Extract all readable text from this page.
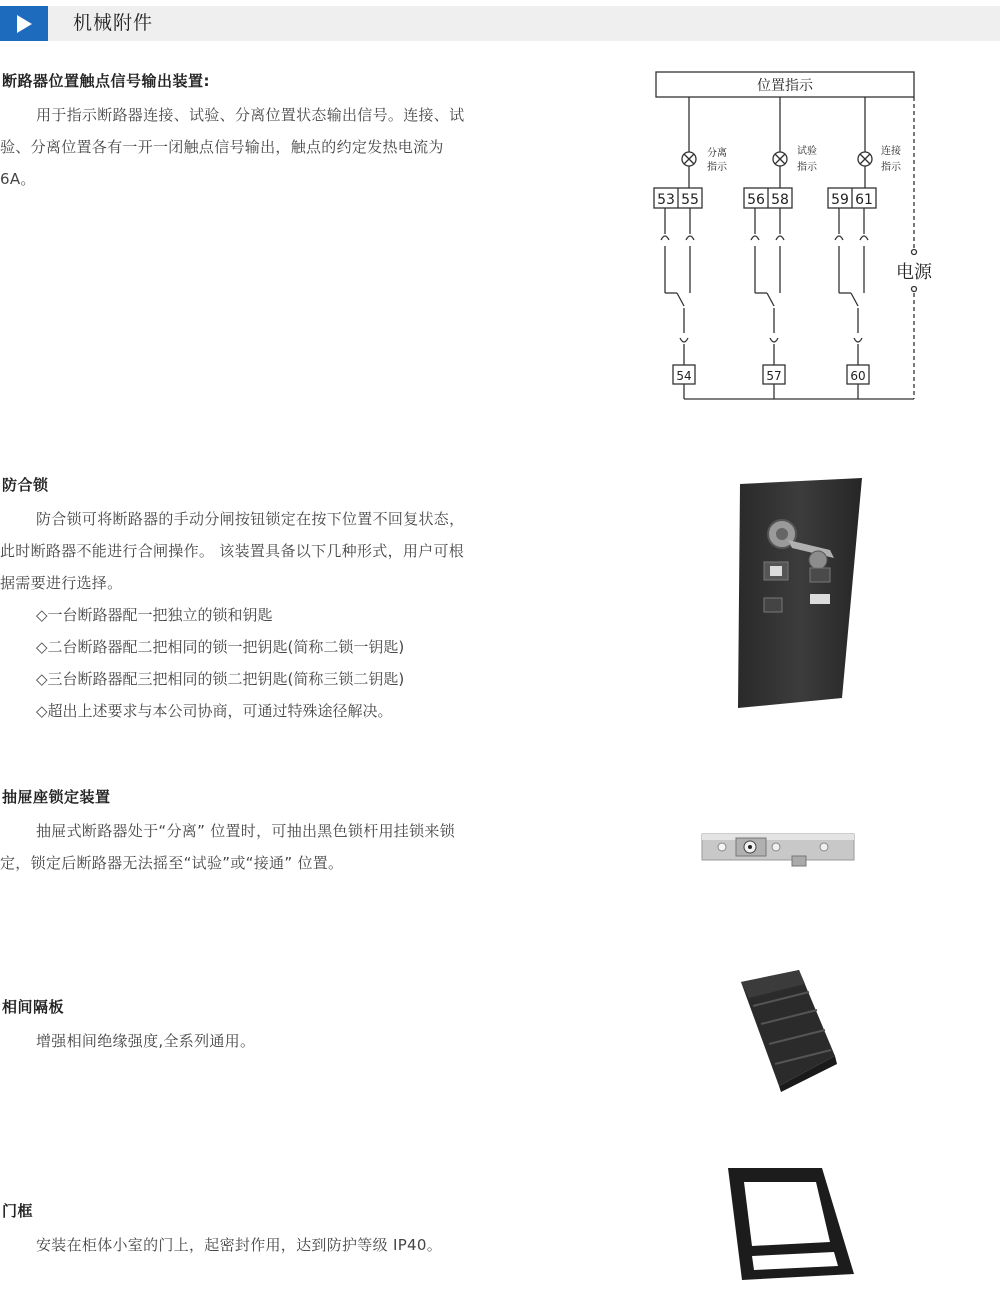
机械附件
断路器位置触点信号输出装置:

用于指示断路器连接、试验、分离位置状态输出信号。连接、试验、分离位置各有一开一闭触点信号输出，触点的约定发热电流为 6A。

位置指示
分离
指示
试验
指示
连接
指示
53 55	56 58	59 61
54	57	60
电源
防合锁

防合锁可将断路器的手动分闸按钮锁定在按下位置不回复状态，此时断路器不能进行合闸操作。 该装置具备以下几种形式，用户可根据需要进行选择。

◇一台断路器配一把独立的锁和钥匙

◇二台断路器配二把相同的锁一把钥匙(简称二锁一钥匙)

◇三台断路器配三把相同的锁二把钥匙(简称三锁二钥匙)

◇超出上述要求与本公司协商，可通过特殊途径解决。

抽屉座锁定装置

抽屉式断路器处于“分离” 位置时，可抽出黑色锁杆用挂锁来锁定，锁定后断路器无法摇至“试验”或“接通” 位置。

相间隔板

增强相间绝缘强度,全系列通用。

门框

安装在柜体小室的门上，起密封作用，达到防护等级 IP40。
